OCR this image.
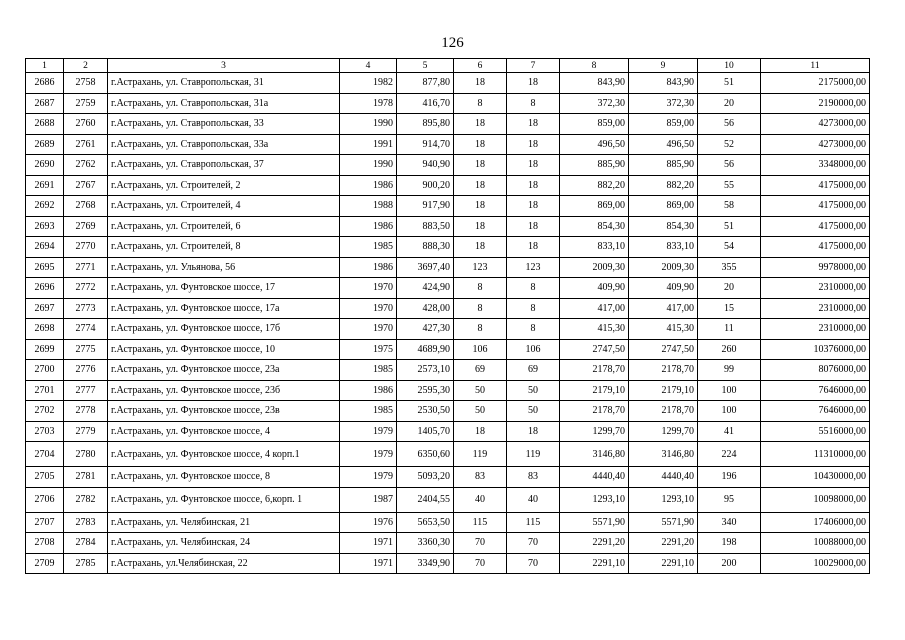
126
1	2	3	4	5	6	7	8	9	10	11
2686	2758	г.Астрахань, ул. Ставропольская, 31	1982	877,80	18	18	843,90	843,90	51	2175000,00
2687	2759	г.Астрахань, ул. Ставропольская, 31а	1978	416,70	8	8	372,30	372,30	20	2190000,00
2688	2760	г.Астрахань, ул. Ставропольская, 33	1990	895,80	18	18	859,00	859,00	56	4273000,00
2689	2761	г.Астрахань, ул. Ставропольская, 33а	1991	914,70	18	18	496,50	496,50	52	4273000,00
2690	2762	г.Астрахань, ул. Ставропольская, 37	1990	940,90	18	18	885,90	885,90	56	3348000,00
2691	2767	г.Астрахань, ул. Строителей, 2	1986	900,20	18	18	882,20	882,20	55	4175000,00
2692	2768	г.Астрахань, ул. Строителей, 4	1988	917,90	18	18	869,00	869,00	58	4175000,00
2693	2769	г.Астрахань, ул. Строителей, 6	1986	883,50	18	18	854,30	854,30	51	4175000,00
2694	2770	г.Астрахань, ул. Строителей, 8	1985	888,30	18	18	833,10	833,10	54	4175000,00
2695	2771	г.Астрахань, ул. Ульянова, 56	1986	3697,40	123	123	2009,30	2009,30	355	9978000,00
2696	2772	г.Астрахань, ул. Фунтовское шоссе, 17	1970	424,90	8	8	409,90	409,90	20	2310000,00
2697	2773	г.Астрахань, ул. Фунтовское шоссе, 17а	1970	428,00	8	8	417,00	417,00	15	2310000,00
2698	2774	г.Астрахань, ул. Фунтовское шоссе, 17б	1970	427,30	8	8	415,30	415,30	11	2310000,00
2699	2775	г.Астрахань, ул. Фунтовское шоссе, 10	1975	4689,90	106	106	2747,50	2747,50	260	10376000,00
2700	2776	г.Астрахань, ул. Фунтовское шоссе, 23а	1985	2573,10	69	69	2178,70	2178,70	99	8076000,00
2701	2777	г.Астрахань, ул. Фунтовское шоссе, 23б	1986	2595,30	50	50	2179,10	2179,10	100	7646000,00
2702	2778	г.Астрахань, ул. Фунтовское шоссе, 23в	1985	2530,50	50	50	2178,70	2178,70	100	7646000,00
2703	2779	г.Астрахань, ул. Фунтовское шоссе, 4	1979	1405,70	18	18	1299,70	1299,70	41	5516000,00
2704	2780	г.Астрахань, ул. Фунтовское шоссе, 4 корп.1	1979	6350,60	119	119	3146,80	3146,80	224	11310000,00
2705	2781	г.Астрахань, ул. Фунтовское шоссе, 8	1979	5093,20	83	83	4440,40	4440,40	196	10430000,00
2706	2782	г.Астрахань, ул. Фунтовское шоссе, 6,корп. 1	1987	2404,55	40	40	1293,10	1293,10	95	10098000,00
2707	2783	г.Астрахань, ул. Челябинская, 21	1976	5653,50	115	115	5571,90	5571,90	340	17406000,00
2708	2784	г.Астрахань, ул. Челябинская, 24	1971	3360,30	70	70	2291,20	2291,20	198	10088000,00
2709	2785	г.Астрахань, ул.Челябинская, 22	1971	3349,90	70	70	2291,10	2291,10	200	10029000,00
